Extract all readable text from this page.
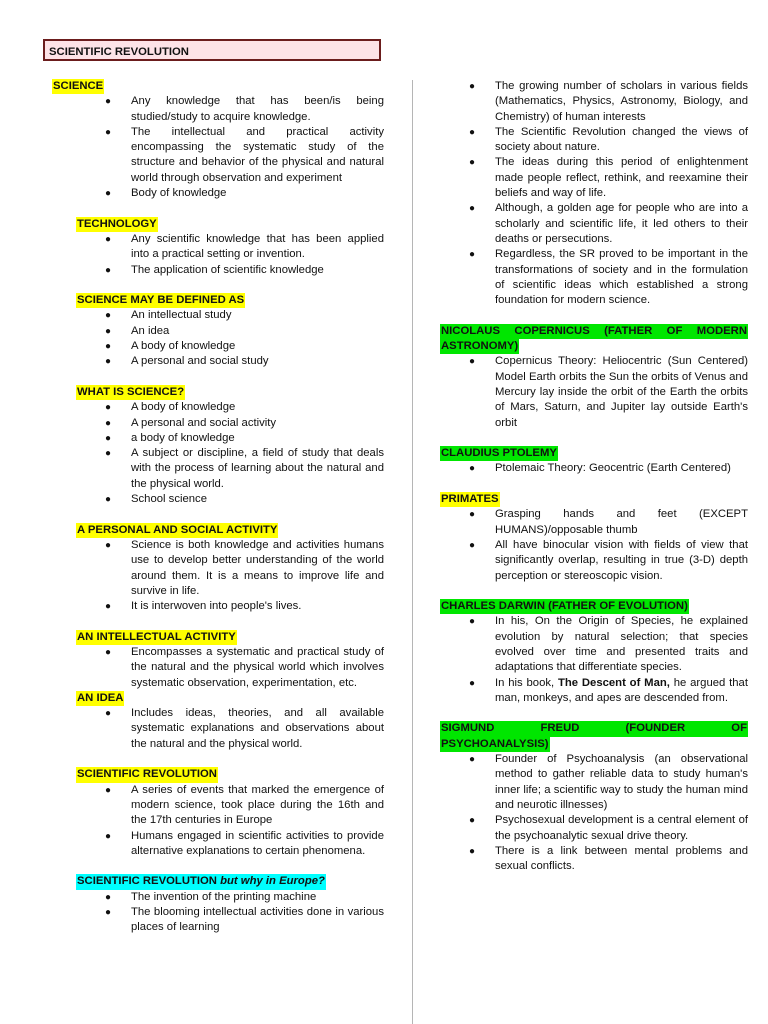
SCIENTIFIC REVOLUTION
SCIENCE
● Any knowledge that has been/is being studied/study to acquire knowledge.
● The intellectual and practical activity encompassing the systematic study of the structure and behavior of the physical and natural world through observation and experiment
● Body of knowledge
TECHNOLOGY
● Any scientific knowledge that has been applied into a practical setting or invention.
● The application of scientific knowledge
SCIENCE MAY BE DEFINED AS
● An intellectual study
● An idea
● A body of knowledge
● A personal and social study
WHAT IS SCIENCE?
● A body of knowledge
● A personal and social activity
● a body of knowledge
● A subject or discipline, a field of study that deals with the process of learning about the natural and the physical world.
● School science
A PERSONAL AND SOCIAL ACTIVITY
● Science is both knowledge and activities humans use to develop better understanding of the world around them. It is a means to improve life and survive in life.
● It is interwoven into people's lives.
AN INTELLECTUAL ACTIVITY
● Encompasses a systematic and practical study of the natural and the physical world which involves systematic observation, experimentation, etc.
AN IDEA
● Includes ideas, theories, and all available systematic explanations and observations about the natural and the physical world.
SCIENTIFIC REVOLUTION
● A series of events that marked the emergence of modern science, took place during the 16th and the 17th centuries in Europe
● Humans engaged in scientific activities to provide alternative explanations to certain phenomena.
SCIENTIFIC REVOLUTION but why in Europe?
● The invention of the printing machine
● The blooming intellectual activities done in various places of learning
● The growing number of scholars in various fields (Mathematics, Physics, Astronomy, Biology, and Chemistry) of human interests
● The Scientific Revolution changed the views of society about nature.
● The ideas during this period of enlightenment made people reflect, rethink, and reexamine their beliefs and way of life.
● Although, a golden age for people who are into a scholarly and scientific life, it led others to their deaths or persecutions.
● Regardless, the SR proved to be important in the transformations of society and in the formulation of scientific ideas which established a strong foundation for modern science.
NICOLAUS COPERNICUS (FATHER OF MODERN
ASTRONOMY)
● Copernicus Theory: Heliocentric (Sun Centered) Model Earth orbits the Sun the orbits of Venus and Mercury lay inside the orbit of the Earth the orbits of Mars, Saturn, and Jupiter lay outside Earth's orbit
CLAUDIUS PTOLEMY
● Ptolemaic Theory: Geocentric (Earth Centered)
PRIMATES
● Grasping hands and feet (EXCEPT HUMANS)/opposable thumb
● All have binocular vision with fields of view that significantly overlap, resulting in true (3-D) depth perception or stereoscopic vision.
CHARLES DARWIN (FATHER OF EVOLUTION)
● In his, On the Origin of Species, he explained evolution by natural selection; that species evolved over time and presented traits and adaptations that differentiate species.
● In his book, The Descent of Man, he argued that man, monkeys, and apes are descended from.
SIGMUND FREUD (FOUNDER OF
PSYCHOANALYSIS)
● Founder of Psychoanalysis (an observational method to gather reliable data to study human's inner life; a scientific way to study the human mind and neurotic illnesses)
● Psychosexual development is a central element of the psychoanalytic sexual drive theory.
● There is a link between mental problems and sexual conflicts.
